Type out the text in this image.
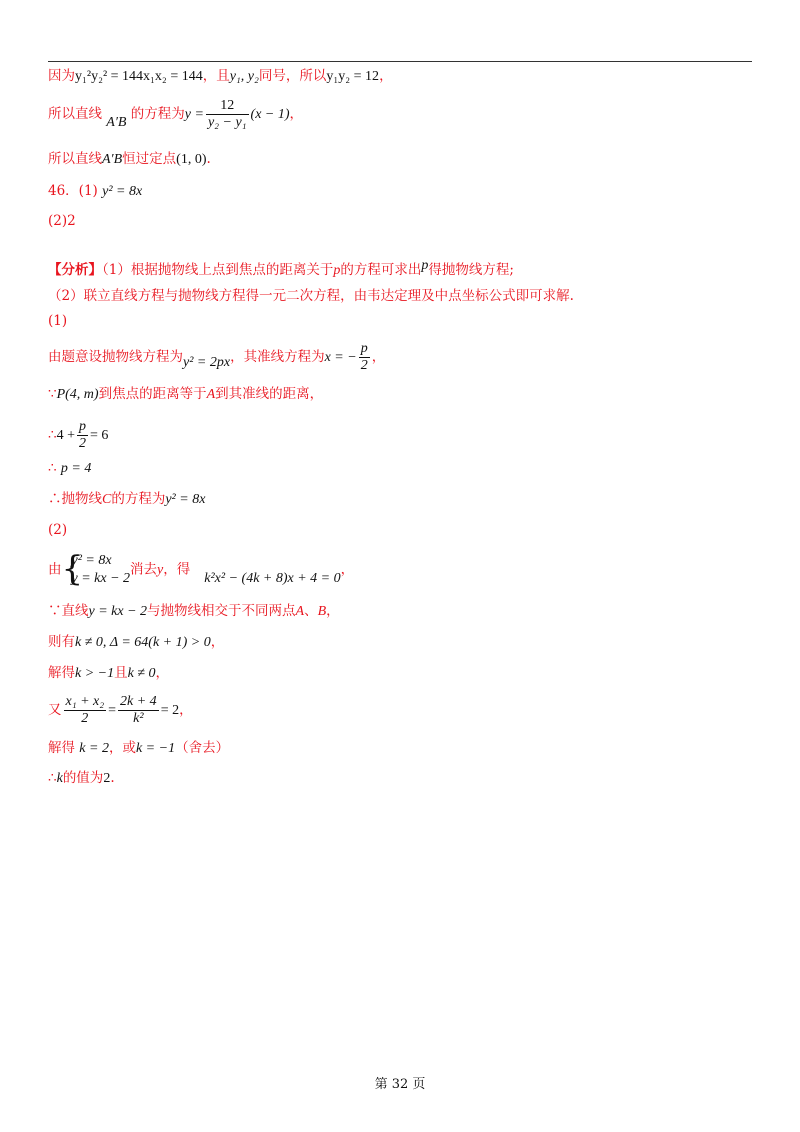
因为y₁²y₂² = 144x₁x₂ = 144，且y₁, y₂同号，所以y₁y₂ = 12，
所以直线 A′B 的方程为$y = \frac{12}{\text{y₂ − y₁}} (x - 1)$，
所以直线A′B恒过定点(1, 0).
46．(1) y² = 8x
(2)2
【分析】（1）根据抛物线上点到焦点的距离关于p的方程可求出p得抛物线方程;
（2）联立直线方程与抛物线方程得一元二次方程，由韦达定理及中点坐标公式即可求解.
(1)
由题意设抛物线方程为y² = 2px，其准线方程为x = − $\frac{p}{2}$ ，
∵P(4, m)到焦点的距离等于A到其准线的距离，
∴4 + $\frac{p}{2} = 6$
∴ p = 4
∴抛物线C的方程为y² = 8x
(2)
由 {
y² = 8x
y = kx − 2
消去y，得k²x² − (4k + 8)x + 4 = 0，
∵直线y = kx − 2与抛物线相交于不同两点A、B，
则有k ≠ 0, Δ = 64(k + 1) > 0，
解得k > −1且k ≠ 0，
又 $\frac{\text{x₁ + x₂}}{2} = \frac{2k + 4}{\text{k²}} = 2$，
解得 k = 2，或k = −1（舍去）
∴k的值为2.
第 32 页
